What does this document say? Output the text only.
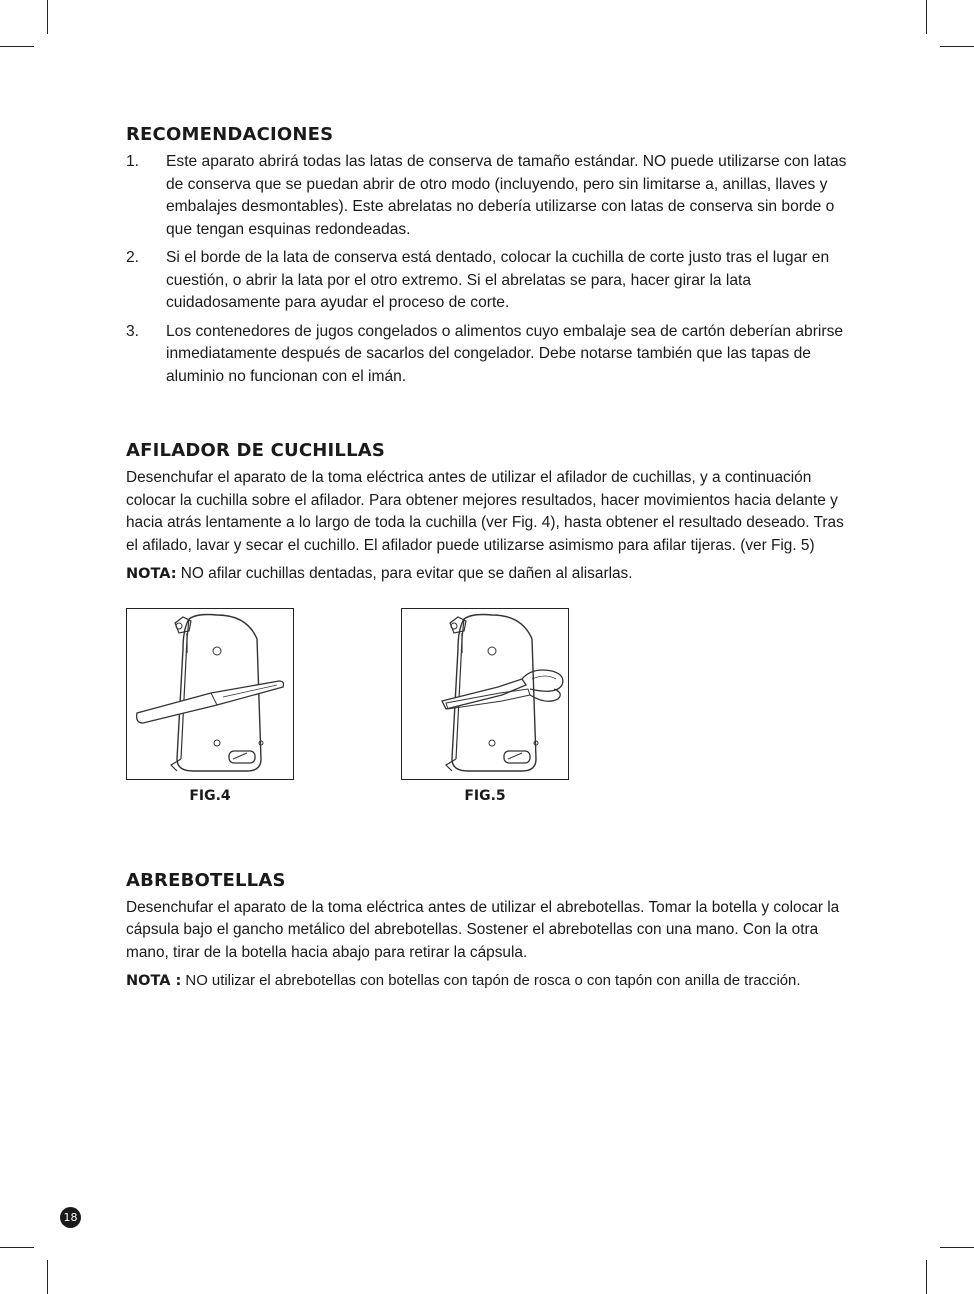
RECOMENDACIONES
1. Este aparato abrirá todas las latas de conserva de tamaño estándar. NO puede utilizarse con latas de conserva que se puedan abrir de otro modo (incluyendo, pero sin limitarse a, anillas, llaves y embalajes desmontables). Este abrelatas no debería utilizarse con latas de conserva sin borde o que tengan esquinas redondeadas.
2. Si el borde de la lata de conserva está dentado, colocar la cuchilla de corte justo tras el lugar en cuestión, o abrir la lata por el otro extremo. Si el abrelatas se para, hacer girar la lata cuidadosamente para ayudar el proceso de corte.
3. Los contenedores de jugos congelados o alimentos cuyo embalaje sea de cartón deberían abrirse inmediatamente después de sacarlos del congelador. Debe notarse también que las tapas de aluminio no funcionan con el imán.
AFILADOR DE CUCHILLAS

Desenchufar el aparato de la toma eléctrica antes de utilizar el afilador de cuchillas, y a continuación colocar la cuchilla sobre el afilador. Para obtener mejores resultados, hacer movimientos hacia delante y hacia atrás lentamente a lo largo de toda la cuchilla (ver Fig. 4), hasta obtener el resultado deseado. Tras el afilado, lavar y secar el cuchillo. El afilador puede utilizarse asimismo para afilar tijeras. (ver Fig. 5)

NOTA: NO afilar cuchillas dentadas, para evitar que se dañen al alisarlas.

FIG.4	FIG.5
ABREBOTELLAS

Desenchufar el aparato de la toma eléctrica antes de utilizar el abrebotellas. Tomar la botella y colocar la cápsula bajo el gancho metálico del abrebotellas. Sostener el abrebotellas con una mano. Con la otra mano, tirar de la botella hacia abajo para retirar la cápsula.

NOTA : NO utilizar el abrebotellas con botellas con tapón de rosca o con tapón con anilla de tracción.

18
